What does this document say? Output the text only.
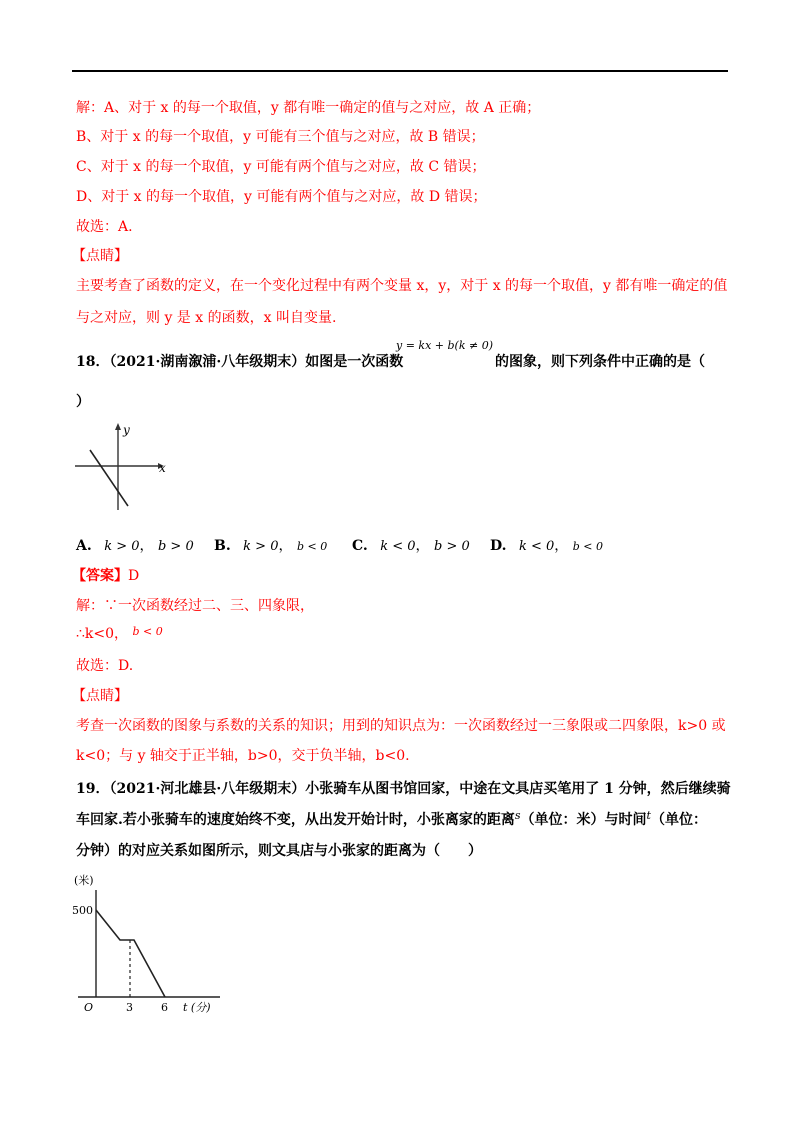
解：A、对于 x 的每一个取值，y 都有唯一确定的值与之对应，故 A 正确；
B、对于 x 的每一个取值，y 可能有三个值与之对应，故 B 错误；
C、对于 x 的每一个取值，y 可能有两个值与之对应，故 C 错误；
D、对于 x 的每一个取值，y 可能有两个值与之对应，故 D 错误；
故选：A.
【点睛】
主要考查了函数的定义，在一个变化过程中有两个变量 x，y，对于 x 的每一个取值，y 都有唯一确定的值
与之对应，则 y 是 x 的函数，x 叫自变量.
18．（2021·湖南溆浦·八年级期末）如图是一次函数
y = kx + b(k ≠ 0)
的图象，则下列条件中正确的是（
）
y
x
A. k > 0， b > 0 B. k > 0， b < 0 C. k < 0， b > 0 D. k < 0， b < 0
【答案】D
解：∵一次函数经过二、三、四象限，
∴k<0， $^{b < 0}$
故选：D.
【点睛】
考查一次函数的图象与系数的关系的知识；用到的知识点为：一次函数经过一三象限或二四象限，k>0 或
k<0；与 y 轴交于正半轴，b>0，交于负半轴，b<0.
19．（2021·河北雄县·八年级期末）小张骑车从图书馆回家，中途在文具店买笔用了 1 分钟，然后继续骑
车回家.若小张骑车的速度始终不变，从出发开始计时，小张离家的距离$^s$（单位：米）与时间$^t$（单位：
分钟）的对应关系如图所示，则文具店与小张家的距离为（　　）
(米)
500
O	3	6 t (分)
